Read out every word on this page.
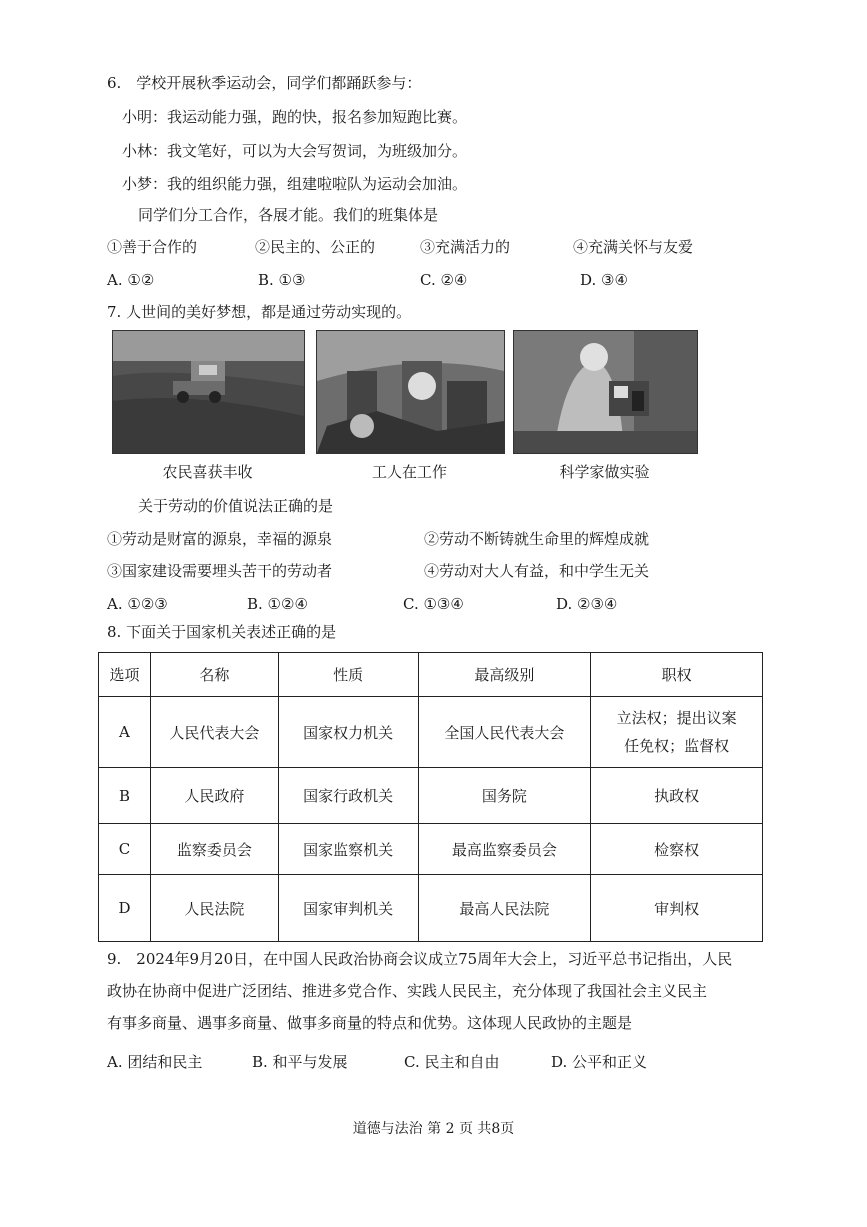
6.　学校开展秋季运动会，同学们都踊跃参与：
小明：我运动能力强，跑的快，报名参加短跑比赛。
小林：我文笔好，可以为大会写贺词，为班级加分。
小梦：我的组织能力强，组建啦啦队为运动会加油。
同学们分工合作，各展才能。我们的班集体是
①善于合作的	②民主的、公正的	③充满活力的	④充满关怀与友爱
A. ①②	B. ①③	C. ②④	D. ③④
7. 人世间的美好梦想，都是通过劳动实现的。
农民喜获丰收	工人在工作	科学家做实验
关于劳动的价值说法正确的是
①劳动是财富的源泉，幸福的源泉	②劳动不断铸就生命里的辉煌成就
③国家建设需要埋头苦干的劳动者	④劳动对大人有益，和中学生无关
A. ①②③	B. ①②④	C. ①③④	D. ②③④
8. 下面关于国家机关表述正确的是
选项	名称	性质	最高级别	职权
A	人民代表大会	国家权力机关	全国人民代表大会	立法权；提出议案
任免权；监督权

B	人民政府	国家行政机关	国务院	执政权
C	监察委员会	国家监察机关	最高监察委员会	检察权
D	人民法院	国家审判机关	最高人民法院	审判权
9.　2024年9月20日，在中国人民政治协商会议成立75周年大会上，习近平总书记指出，人民
政协在协商中促进广泛团结、推进多党合作、实践人民民主，充分体现了我国社会主义民主
有事多商量、遇事多商量、做事多商量的特点和优势。这体现人民政协的主题是
A. 团结和民主	B. 和平与发展	C. 民主和自由	D. 公平和正义
道德与法治 第 2 页 共8页
